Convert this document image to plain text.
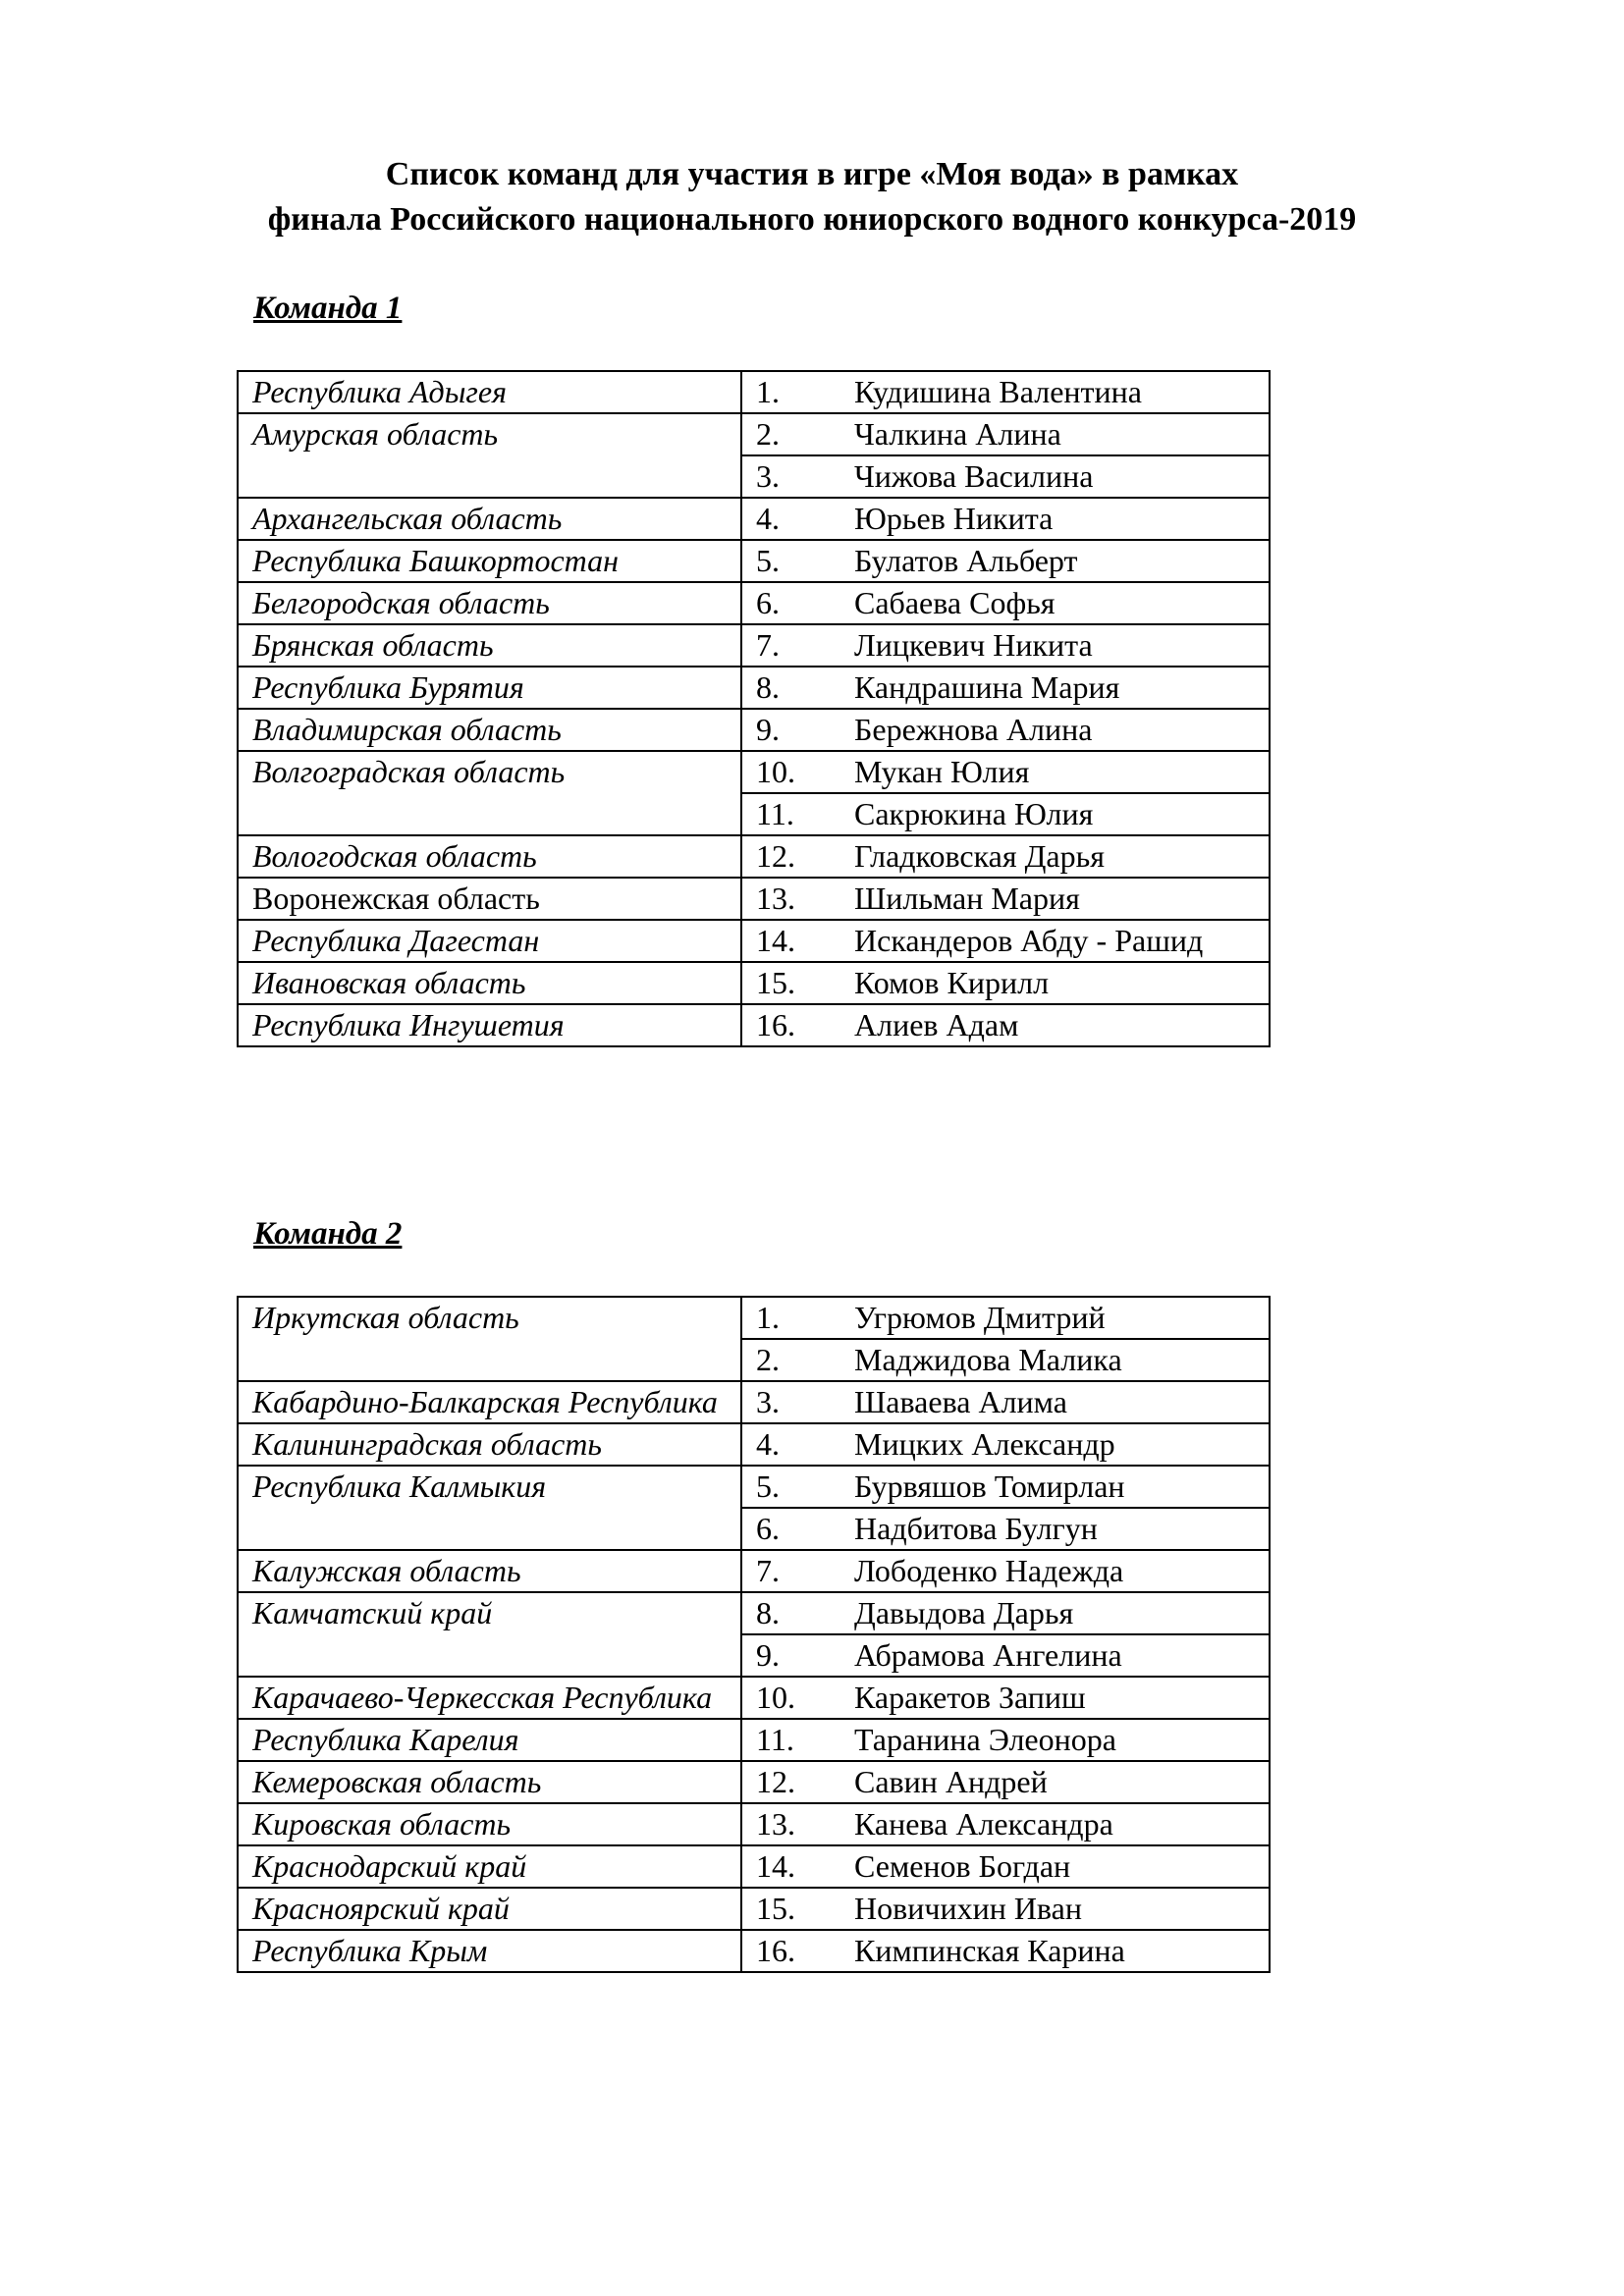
Список команд для участия в игре «Моя вода» в рамках
финала Российского национального юниорского водного конкурса-2019
Команда 1
Республика Адыгея	1. Кудишина Валентина
Амурская область	2. Чалкина Алина
	3. Чижова Василина
Архангельская область	4. Юрьев Никита
Республика Башкортостан	5. Булатов Альберт
Белгородская область	6. Сабаева Софья
Брянская область	7. Лицкевич Никита
Республика Бурятия	8. Кандрашина Мария
Владимирская область	9. Бережнова Алина
Волгоградская область	10. Мукан Юлия
	11. Сакрюкина Юлия
Вологодская область	12. Гладковская Дарья
Воронежская область	13. Шильман Мария
Республика Дагестан	14. Искандеров Абду - Рашид
Ивановская область	15. Комов Кирилл
Республика Ингушетия	16. Алиев Адам
Команда 2
Иркутская область	1. Угрюмов Дмитрий
	2. Маджидова Малика
Кабардино-Балкарская Республика	3. Шаваева Алима
Калининградская область	4. Мицких Александр
Республика Калмыкия	5. Бурвяшов Томирлан
	6. Надбитова Булгун
Калужская область	7. Лободенко Надежда
Камчатский край	8. Давыдова Дарья
	9. Абрамова Ангелина
Карачаево-Черкесская Республика	10. Каракетов Запиш
Республика Карелия	11. Таранина Элеонора
Кемеровская область	12. Савин Андрей
Кировская область	13. Канева Александра
Краснодарский край	14. Семенов Богдан
Красноярский край	15. Новичихин Иван
Республика Крым	16. Кимпинская Карина
